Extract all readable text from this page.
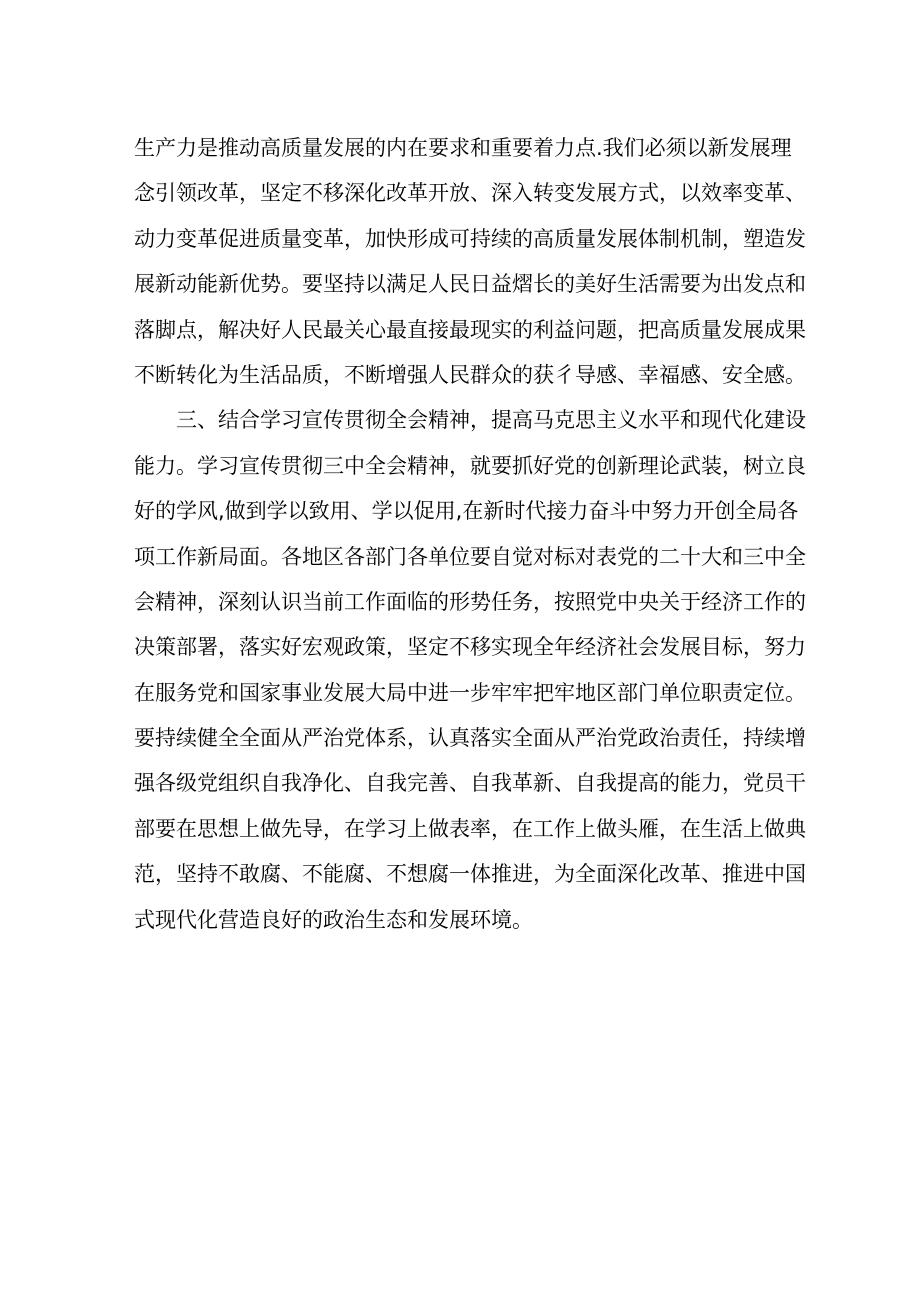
生产力是推动高质量发展的内在要求和重要着力点.我们必须以新发展理
念引领改革，坚定不移深化改革开放、深入转变发展方式，以效率变革、
动力变革促进质量变革，加快形成可持续的高质量发展体制机制，塑造发
展新动能新优势。要坚持以满足人民日益熠长的美好生活需要为出发点和
落脚点，解决好人民最关心最直接最现实的利益问题，把高质量发展成果
不断转化为生活品质，不断增强人民群众的获彳导感、幸福感、安全感。
三、结合学习宣传贯彻全会精神，提高马克思主义水平和现代化建设
能力。学习宣传贯彻三中全会精神，就要抓好党的创新理论武装，树立良
好的学风,做到学以致用、学以促用,在新时代接力奋斗中努力开创全局各
项工作新局面。各地区各部门各单位要自觉对标对表党的二十大和三中全
会精神，深刻认识当前工作面临的形势任务，按照党中央关于经济工作的
决策部署，落实好宏观政策，坚定不移实现全年经济社会发展目标，努力
在服务党和国家事业发展大局中进一步牢牢把牢地区部门单位职责定位。
要持续健全全面从严治党体系，认真落实全面从严治党政治责任，持续增
强各级党组织自我净化、自我完善、自我革新、自我提高的能力，党员干
部要在思想上做先导，在学习上做表率，在工作上做头雁，在生活上做典
范，坚持不敢腐、不能腐、不想腐一体推进，为全面深化改革、推进中国
式现代化营造良好的政治生态和发展环境。
